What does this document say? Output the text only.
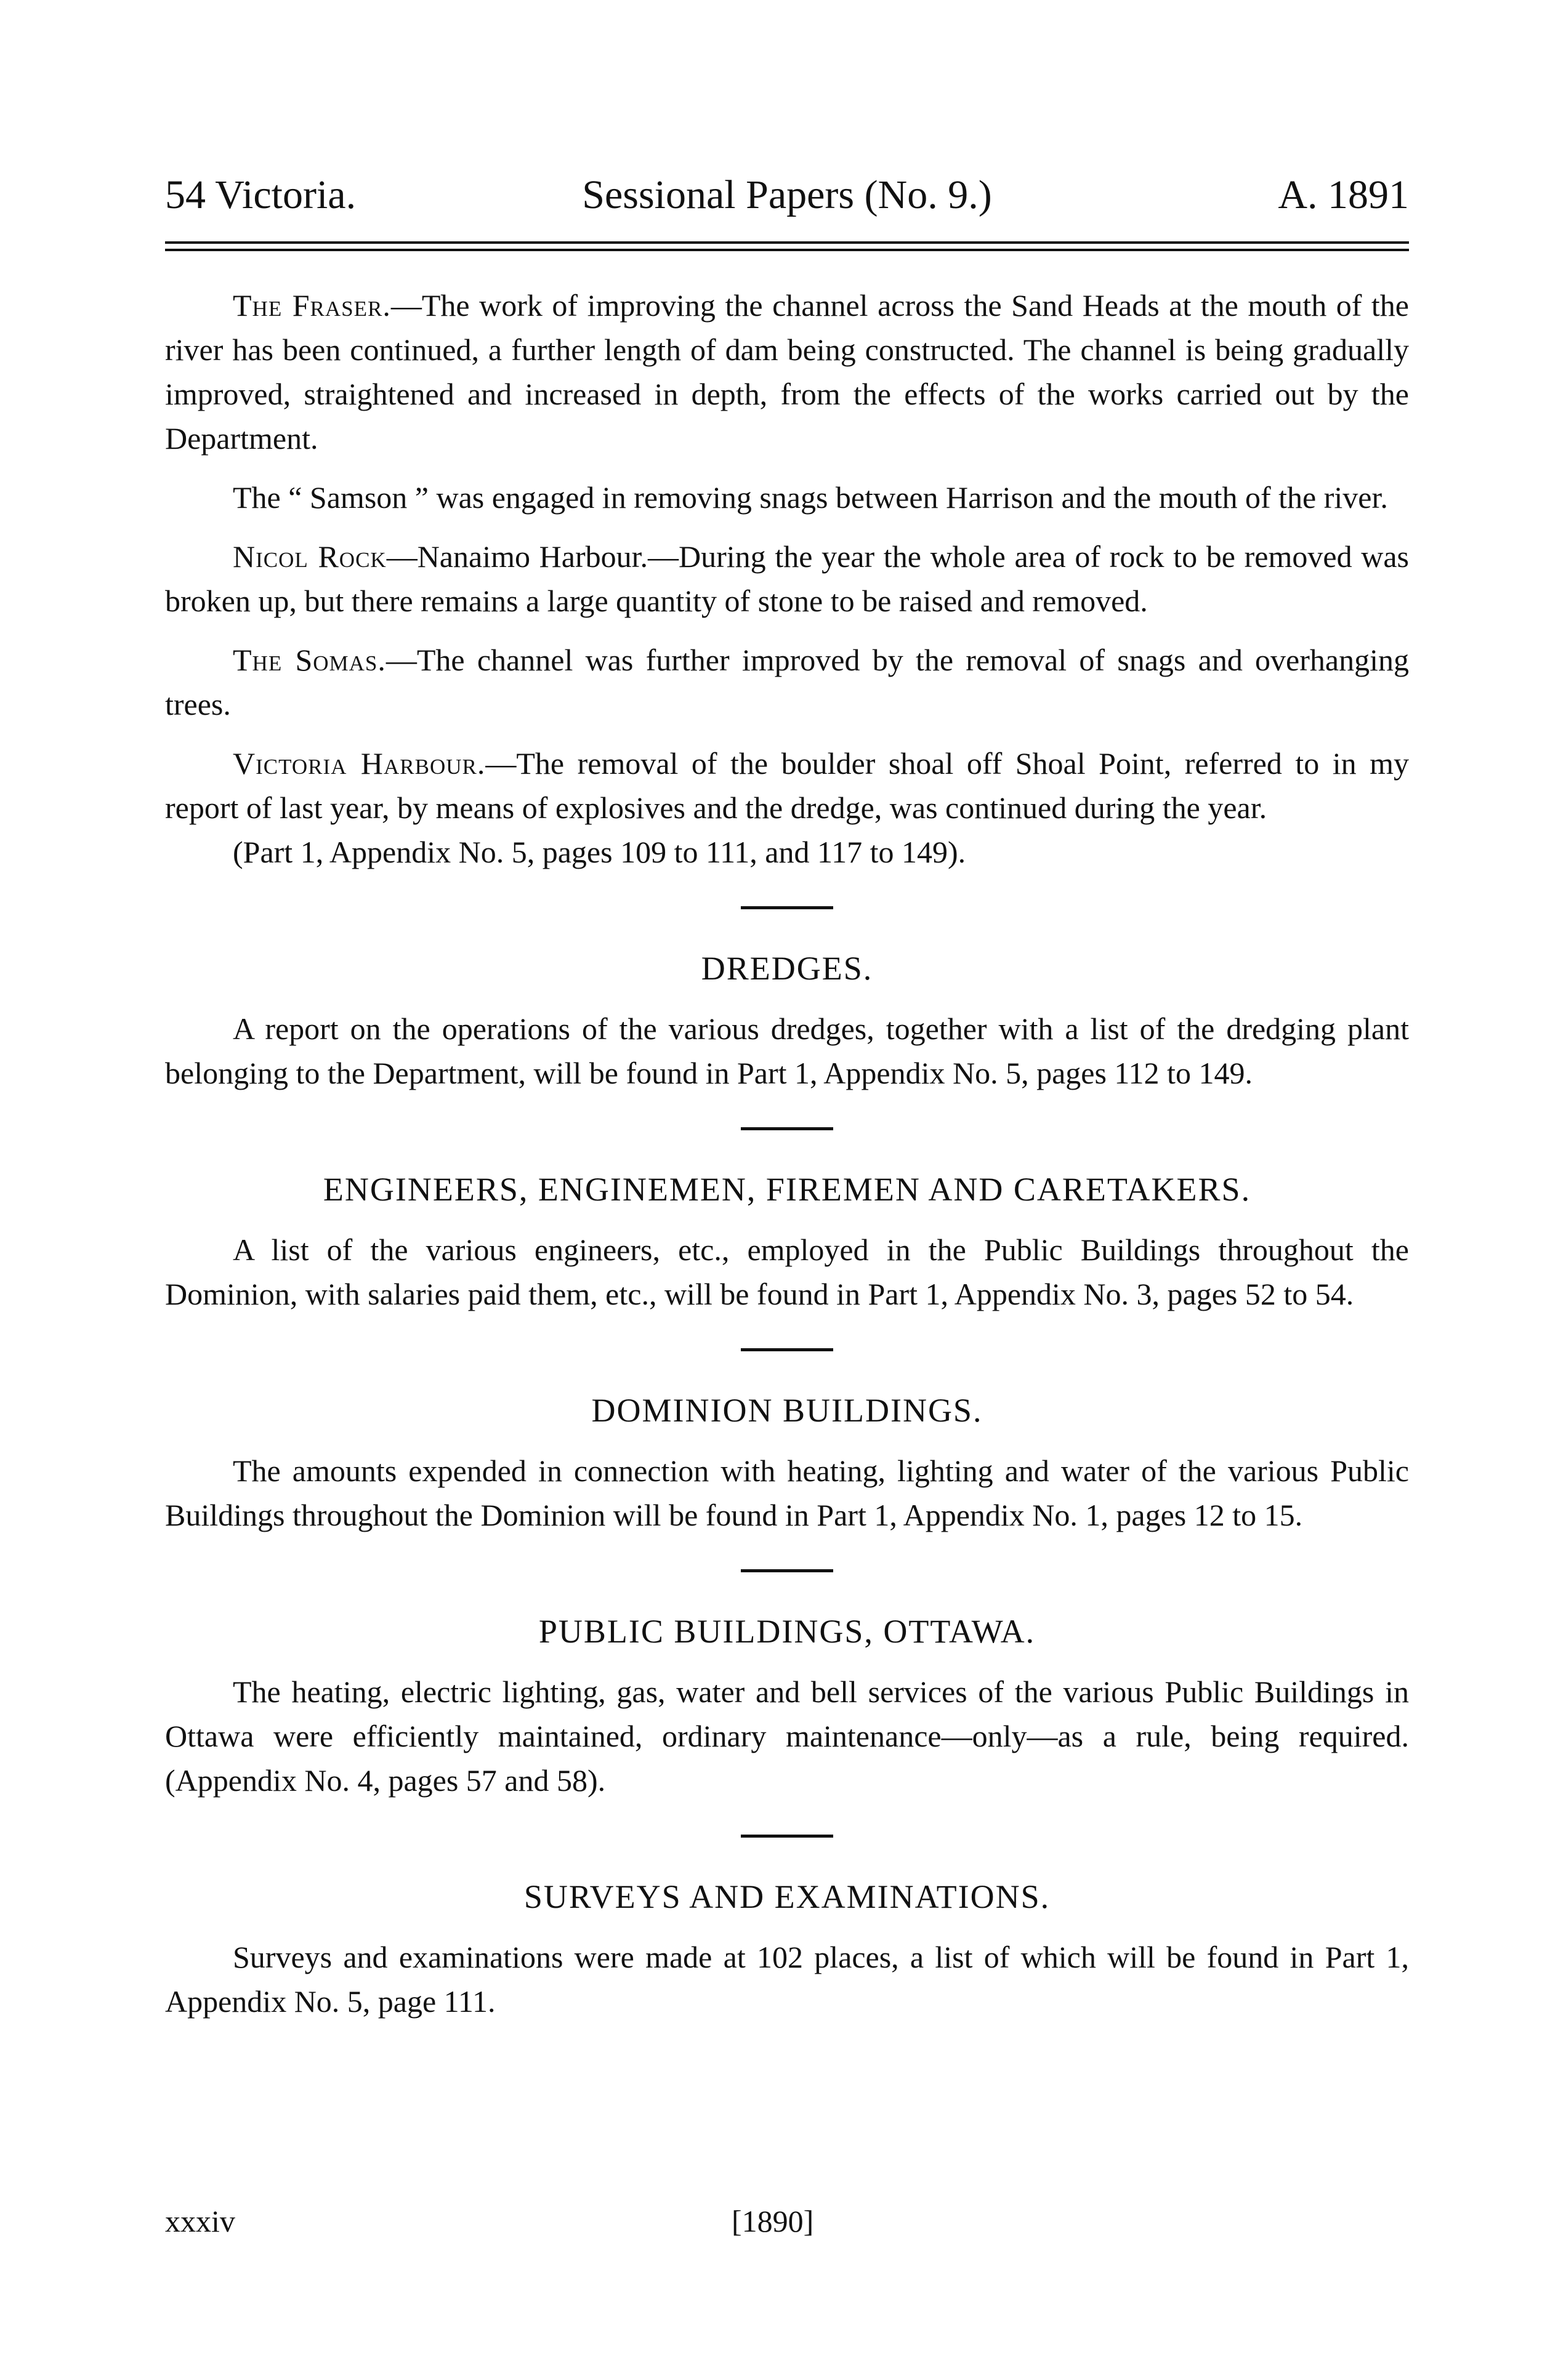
54 Victoria.	Sessional Papers (No. 9.)	A. 1891

The Fraser.—The work of improving the channel across the Sand Heads at the mouth of the river has been continued, a further length of dam being constructed. The channel is being gradually improved, straightened and increased in depth, from the effects of the works carried out by the Department.

The “ Samson ” was engaged in removing snags between Harrison and the mouth of the river.

Nicol Rock—Nanaimo Harbour.—During the year the whole area of rock to be removed was broken up, but there remains a large quantity of stone to be raised and removed.

The Somas.—The channel was further improved by the removal of snags and overhanging trees.

Victoria Harbour.—The removal of the boulder shoal off Shoal Point, referred to in my report of last year, by means of explosives and the dredge, was continued during the year.

(Part 1, Appendix No. 5, pages 109 to 111, and 117 to 149).

DREDGES.

A report on the operations of the various dredges, together with a list of the dredging plant belonging to the Department, will be found in Part 1, Appendix No. 5, pages 112 to 149.

ENGINEERS, ENGINEMEN, FIREMEN AND CARETAKERS.

A list of the various engineers, etc., employed in the Public Buildings throughout the Dominion, with salaries paid them, etc., will be found in Part 1, Appendix No. 3, pages 52 to 54.

DOMINION BUILDINGS.

The amounts expended in connection with heating, lighting and water of the various Public Buildings throughout the Dominion will be found in Part 1, Appendix No. 1, pages 12 to 15.

PUBLIC BUILDINGS, OTTAWA.

The heating, electric lighting, gas, water and bell services of the various Public Buildings in Ottawa were efficiently maintained, ordinary maintenance—only—as a rule, being required. (Appendix No. 4, pages 57 and 58).

SURVEYS AND EXAMINATIONS.

Surveys and examinations were made at 102 places, a list of which will be found in Part 1, Appendix No. 5, page 111.

xxxiv	[1890]
